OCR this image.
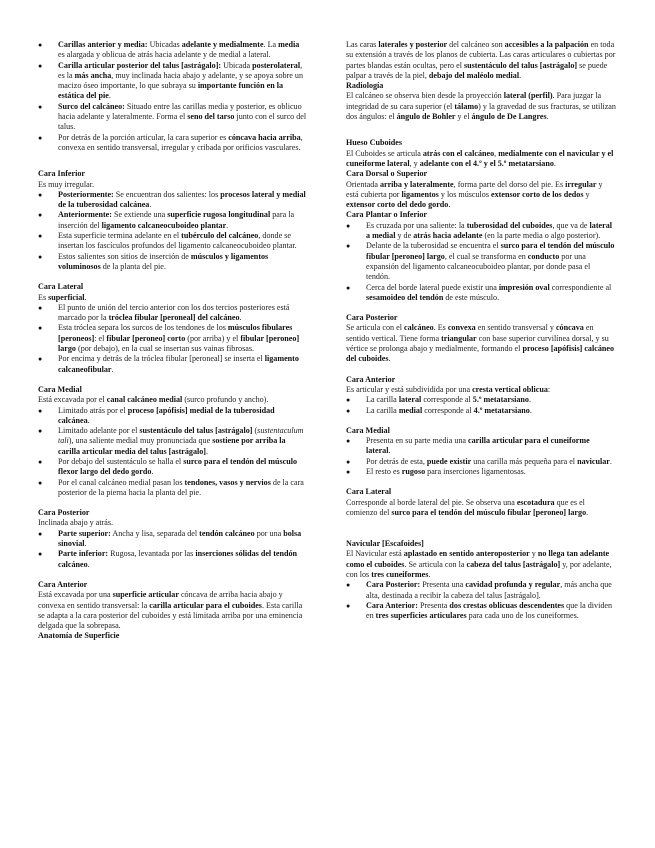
● Carillas anterior y media: Ubicadas adelante y medialmente. La media es alargada y oblicua de atrás hacia adelante y de medial a lateral.
● Carilla articular posterior del talus [astrágalo]: Ubicada posterolateral, es la más ancha, muy inclinada hacia abajo y adelante, y se apoya sobre un macizo óseo importante, lo que subraya su importante función en la estática del pie.
● Surco del calcáneo: Situado entre las carillas media y posterior, es oblicuo hacia adelante y lateralmente. Forma el seno del tarso junto con el surco del talus.
● Por detrás de la porción articular, la cara superior es cóncava hacia arriba, convexa en sentido transversal, irregular y cribada por orificios vasculares.
Cara Inferior
Es muy irregular.
● Posteriormente: Se encuentran dos salientes: los procesos lateral y medial de la tuberosidad calcánea.
● Anteriormente: Se extiende una superficie rugosa longitudinal para la inserción del ligamento calcaneocuboideo plantar.
● Esta superficie termina adelante en el tubérculo del calcáneo, donde se insertan los fascículos profundos del ligamento calcaneocuboideo plantar.
● Estos salientes son sitios de inserción de músculos y ligamentos voluminosos de la planta del pie.
Cara Lateral
Es superficial.
● El punto de unión del tercio anterior con los dos tercios posteriores está marcado por la tróclea fibular [peroneal] del calcáneo.
● Esta tróclea separa los surcos de los tendones de los músculos fibulares [peroneos]: el fibular [peroneo] corto (por arriba) y el fibular [peroneo] largo (por debajo), en la cual se insertan sus vainas fibrosas.
● Por encima y detrás de la tróclea fibular [peroneal] se inserta el ligamento calcaneofibular.
Cara Medial
Está excavada por el canal calcáneo medial (surco profundo y ancho).
● Limitado atrás por el proceso [apófisis] medial de la tuberosidad calcánea.
● Limitado adelante por el sustentáculo del talus [astrágalo] (sustentaculum tali), una saliente medial muy pronunciada que sostiene por arriba la carilla articular media del talus [astrágalo].
● Por debajo del sustentáculo se halla el surco para el tendón del músculo flexor largo del dedo gordo.
● Por el canal calcáneo medial pasan los tendones, vasos y nervios de la cara posterior de la pierna hacia la planta del pie.
Cara Posterior
Inclinada abajo y atrás.
● Parte superior: Ancha y lisa, separada del tendón calcáneo por una bolsa sinovial.
● Parte inferior: Rugosa, levantada por las inserciones sólidas del tendón calcáneo.
Cara Anterior
Está excavada por una superficie articular cóncava de arriba hacia abajo y convexa en sentido transversal: la carilla articular para el cuboides. Esta carilla se adapta a la cara posterior del cuboides y está limitada arriba por una eminencia delgada que la sobrepasa.
Anatomía de Superficie
Las caras laterales y posterior del calcáneo son accesibles a la palpación en toda su extensión a través de los planos de cubierta. Las caras articulares o cubiertas por partes blandas están ocultas, pero el sustentáculo del talus [astrágalo] se puede palpar a través de la piel, debajo del maléolo medial.
Radiología
El calcáneo se observa bien desde la proyección lateral (perfil). Para juzgar la integridad de su cara superior (el tálamo) y la gravedad de sus fracturas, se utilizan dos ángulos: el ángulo de Bohler y el ángulo de De Langres.
Hueso Cuboides
El Cuboides se articula atrás con el calcáneo, medialmente con el navicular y el cuneiforme lateral, y adelante con el 4.º y el 5.º metatarsiano.
Cara Dorsal o Superior
Orientada arriba y lateralmente, forma parte del dorso del pie. Es irregular y está cubierta por ligamentos y los músculos extensor corto de los dedos y extensor corto del dedo gordo.
Cara Plantar o Inferior
● Es cruzada por una saliente: la tuberosidad del cuboides, que va de lateral a medial y de atrás hacia adelante (en la parte media o algo posterior).
● Delante de la tuberosidad se encuentra el surco para el tendón del músculo fibular [peroneo] largo, el cual se transforma en conducto por una expansión del ligamento calcaneocuboideo plantar, por donde pasa el tendón.
● Cerca del borde lateral puede existir una impresión oval correspondiente al sesamoideo del tendón de este músculo.
Cara Posterior
Se articula con el calcáneo. Es convexa en sentido transversal y cóncava en sentido vertical. Tiene forma triangular con base superior curvilínea dorsal, y su vértice se prolonga abajo y medialmente, formando el proceso [apófisis] calcáneo del cuboides.
Cara Anterior
Es articular y está subdividida por una cresta vertical oblicua:
● La carilla lateral corresponde al 5.º metatarsiano.
● La carilla medial corresponde al 4.º metatarsiano.
Cara Medial
● Presenta en su parte media una carilla articular para el cuneiforme lateral.
● Por detrás de esta, puede existir una carilla más pequeña para el navicular.
● El resto es rugoso para inserciones ligamentosas.
Cara Lateral
Corresponde al borde lateral del pie. Se observa una escotadura que es el comienzo del surco para el tendón del músculo fibular [peroneo] largo.
Navicular [Escafoides]
El Navicular está aplastado en sentido anteroposterior y no llega tan adelante como el cuboides. Se articula con la cabeza del talus [astrágalo] y, por adelante, con los tres cuneiformes.
● Cara Posterior: Presenta una cavidad profunda y regular, más ancha que alta, destinada a recibir la cabeza del talus [astrágalo].
● Cara Anterior: Presenta dos crestas oblicuas descendentes que la dividen en tres superficies articulares para cada uno de los cuneiformes.
